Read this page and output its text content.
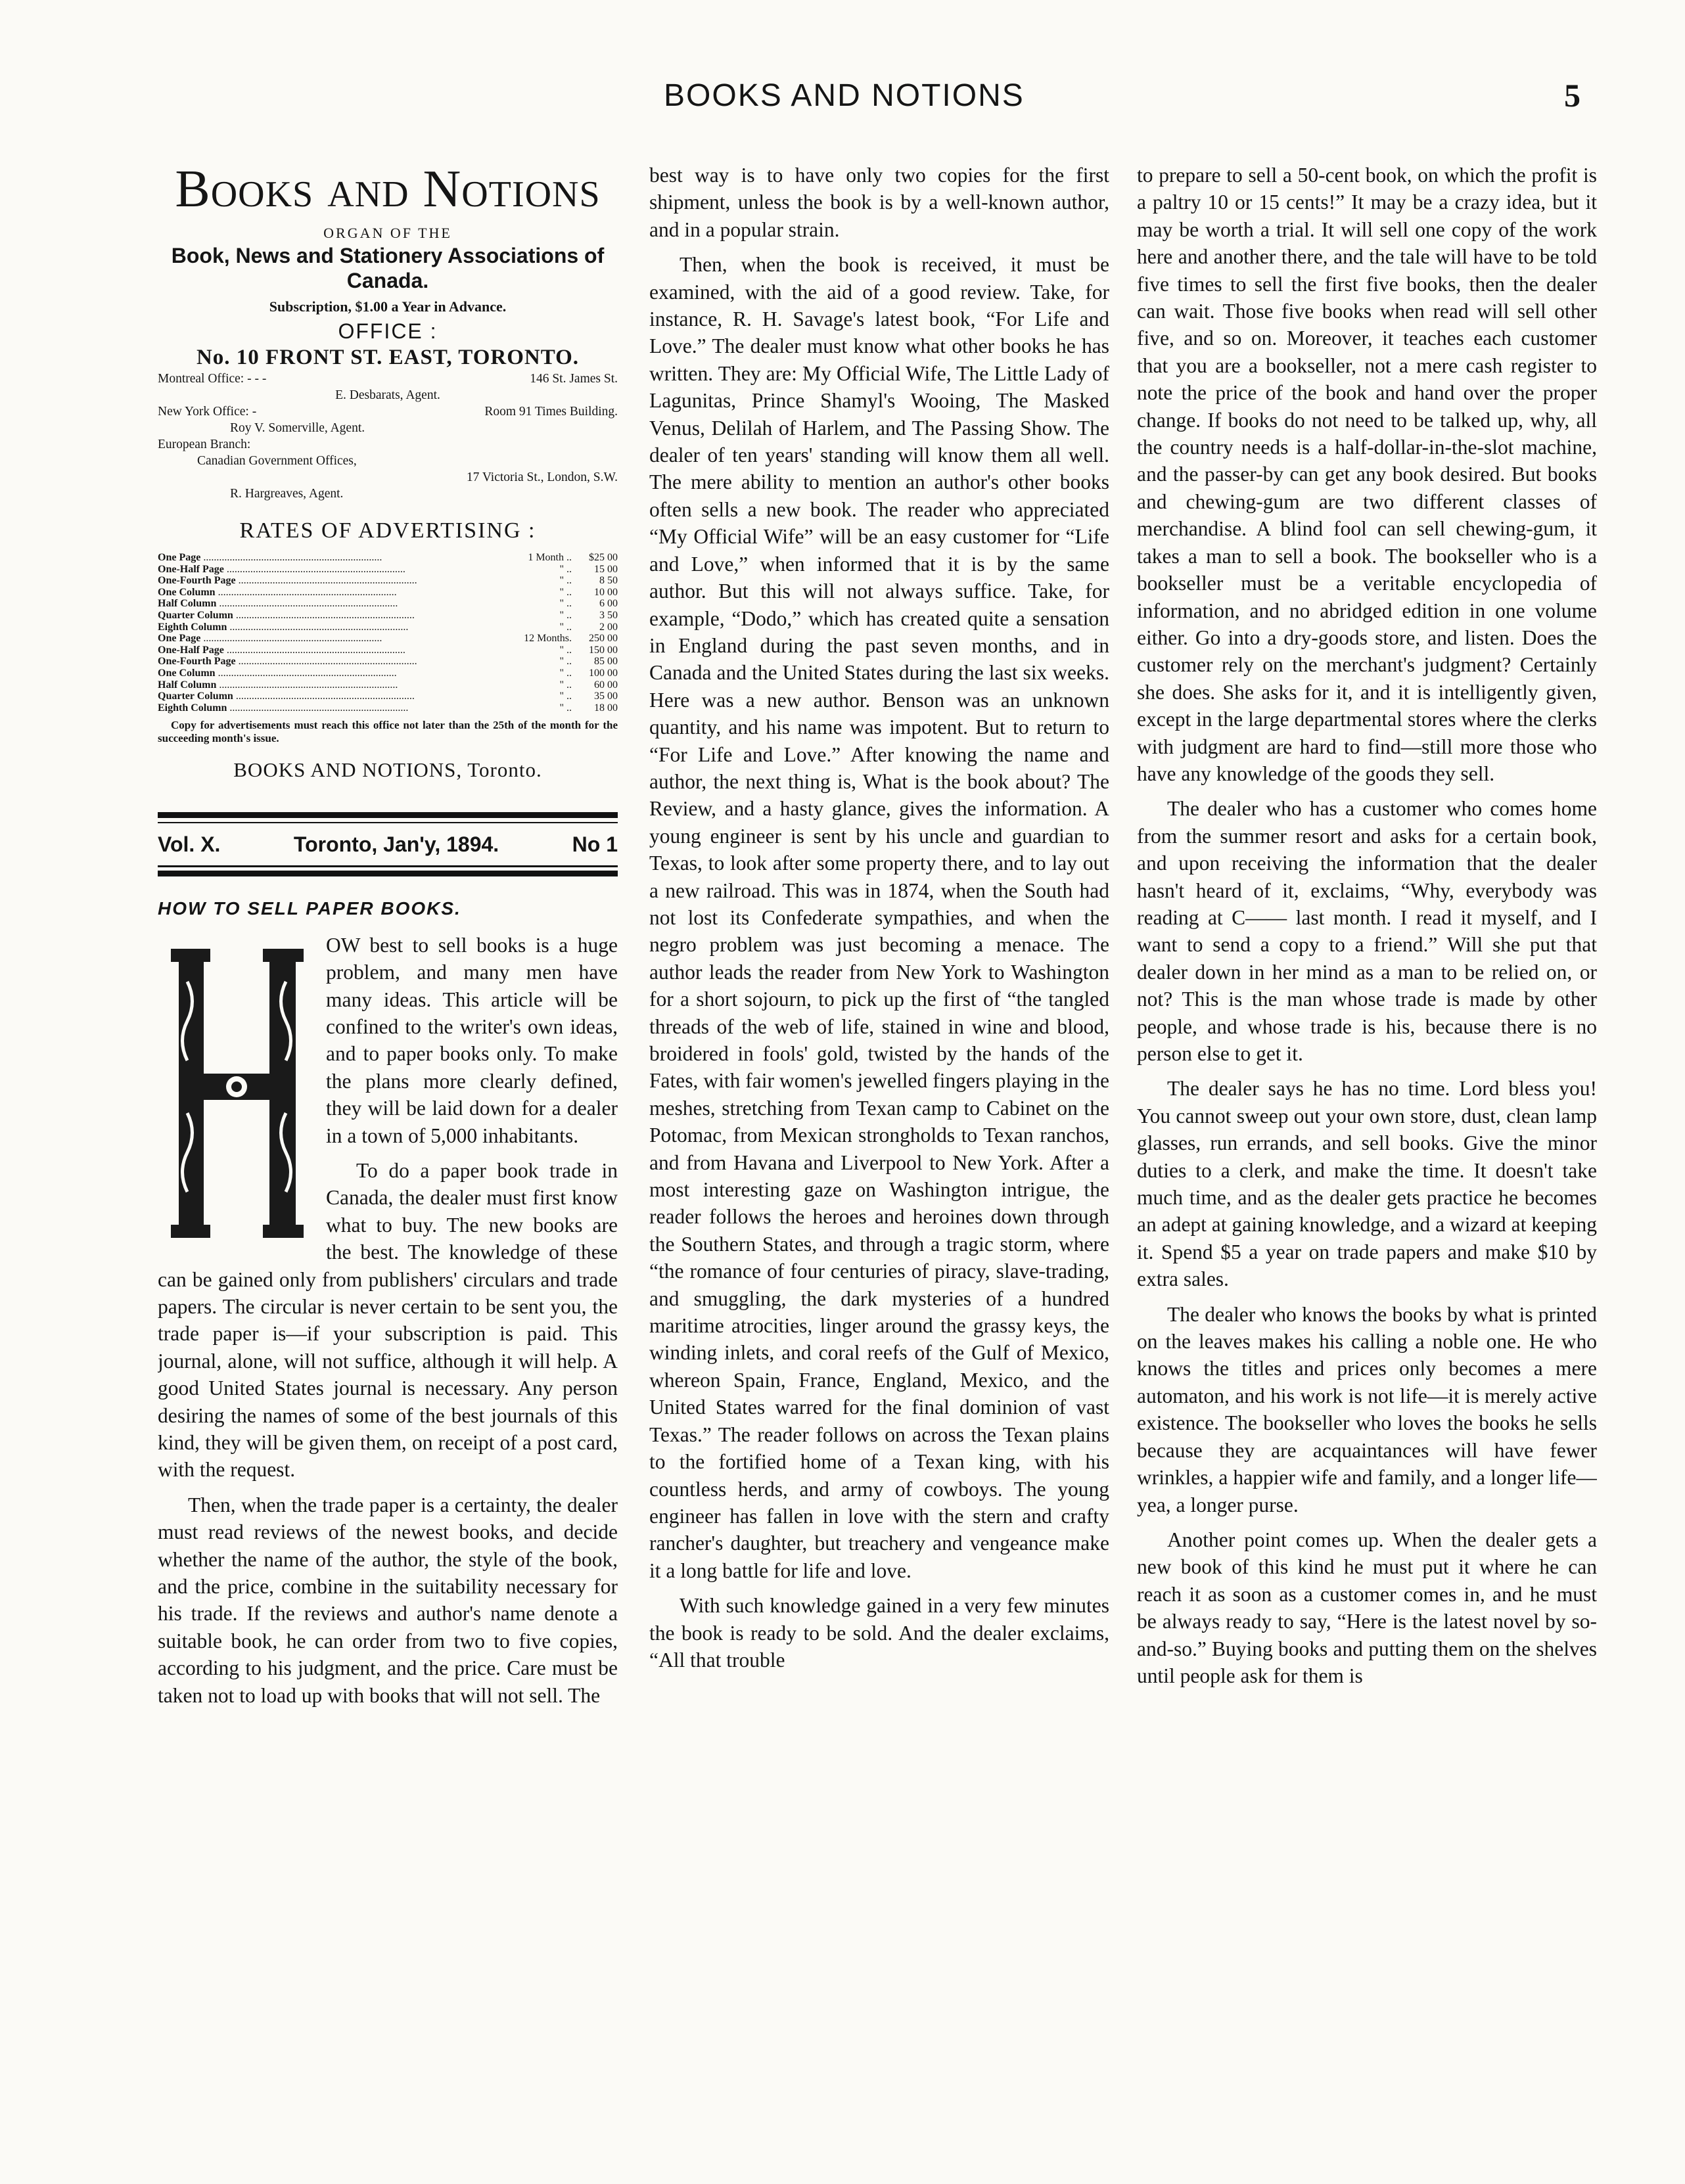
BOOKS AND NOTIONS	5
Books and Notions
ORGAN OF THE
Book, News and Stationery Associations of Canada.
Subscription, $1.00 a Year in Advance.
OFFICE :
No. 10 FRONT ST. EAST, TORONTO.
Montreal Office: - - -	146 St. James St.
E. Desbarats, Agent.
New York Office: -	Room 91 Times Building.
Roy V. Somerville, Agent.
European Branch:
Canadian Government Offices,
17 Victoria St., London, S.W.
R. Hargreaves, Agent.
RATES OF ADVERTISING :
One Page .....	1 Month ..	$25 00
One-Half Page .....	" ..	15 00
One-Fourth Page .....	" ..	8 50
One Column .....	" ..	10 00
Half Column .....	" ..	6 00
Quarter Column .....	" ..	3 50
Eighth Column .....	" ..	2 00
One Page .....	12 Months.	250 00
One-Half Page .....	" ..	150 00
One-Fourth Page .....	" ..	85 00
One Column .....	" ..	100 00
Half Column .....	" ..	60 00
Quarter Column .....	" ..	35 00
Eighth Column .....	" ..	18 00
Copy for advertisements must reach this office not later than the 25th of the month for the succeeding month's issue.
BOOKS AND NOTIONS, Toronto.
Vol. X.	Toronto, Jan'y, 1894.	No 1
HOW TO SELL PAPER BOOKS.

OW best to sell books is a huge problem, and many men have many ideas. This article will be confined to the writer's own ideas, and to paper books only. To make the plans more clearly defined, they will be laid down for a dealer in a town of 5,000 inhabitants.

To do a paper book trade in Canada, the dealer must first know what to buy. The new books are the best. The knowledge of these can be gained only from publishers' circulars and trade papers. The circular is never certain to be sent you, the trade paper is—if your subscription is paid. This journal, alone, will not suffice, although it will help. A good United States journal is necessary. Any person desiring the names of some of the best journals of this kind, they will be given them, on receipt of a post card, with the request.

Then, when the trade paper is a certainty, the dealer must read reviews of the newest books, and decide whether the name of the author, the style of the book, and the price, combine in the suitability necessary for his trade. If the reviews and author's name denote a suitable book, he can order from two to five copies, according to his judgment, and the price. Care must be taken not to load up with books that will not sell. The

best way is to have only two copies for the first shipment, unless the book is by a well-known author, and in a popular strain.

Then, when the book is received, it must be examined, with the aid of a good review. Take, for instance, R. H. Savage's latest book, “For Life and Love.” The dealer must know what other books he has written. They are: My Official Wife, The Little Lady of Lagunitas, Prince Shamyl's Wooing, The Masked Venus, Delilah of Harlem, and The Passing Show. The dealer of ten years' standing will know them all well. The mere ability to mention an author's other books often sells a new book. The reader who appreciated “My Official Wife” will be an easy customer for “Life and Love,” when informed that it is by the same author. But this will not always suffice. Take, for example, “Dodo,” which has created quite a sensation in England during the past seven months, and in Canada and the United States during the last six weeks. Here was a new author. Benson was an unknown quantity, and his name was impotent. But to return to “For Life and Love.” After knowing the name and author, the next thing is, What is the book about? The Review, and a hasty glance, gives the information. A young engineer is sent by his uncle and guardian to Texas, to look after some property there, and to lay out a new railroad. This was in 1874, when the South had not lost its Confederate sympathies, and when the negro problem was just becoming a menace. The author leads the reader from New York to Washington for a short sojourn, to pick up the first of “the tangled threads of the web of life, stained in wine and blood, broidered in fools' gold, twisted by the hands of the Fates, with fair women's jewelled fingers playing in the meshes, stretching from Texan camp to Cabinet on the Potomac, from Mexican strongholds to Texan ranchos, and from Havana and Liverpool to New York. After a most interesting gaze on Washington intrigue, the reader follows the heroes and heroines down through the Southern States, and through a tragic storm, where “the romance of four centuries of piracy, slave-trading, and smuggling, the dark mysteries of a hundred maritime atrocities, linger around the grassy keys, the winding inlets, and coral reefs of the Gulf of Mexico, whereon Spain, France, England, Mexico, and the United States warred for the final dominion of vast Texas.” The reader follows on across the Texan plains to the fortified home of a Texan king, with his countless herds, and army of cowboys. The young engineer has fallen in love with the stern and crafty rancher's daughter, but treachery and vengeance make it a long battle for life and love.

With such knowledge gained in a very few minutes the book is ready to be sold. And the dealer exclaims, “All that trouble

to prepare to sell a 50-cent book, on which the profit is a paltry 10 or 15 cents!” It may be a crazy idea, but it may be worth a trial. It will sell one copy of the work here and another there, and the tale will have to be told five times to sell the first five books, then the dealer can wait. Those five books when read will sell other five, and so on. Moreover, it teaches each customer that you are a bookseller, not a mere cash register to note the price of the book and hand over the proper change. If books do not need to be talked up, why, all the country needs is a half-dollar-in-the-slot machine, and the passer-by can get any book desired. But books and chewing-gum are two different classes of merchandise. A blind fool can sell chewing-gum, it takes a man to sell a book. The bookseller who is a bookseller must be a veritable encyclopedia of information, and no abridged edition in one volume either. Go into a dry-goods store, and listen. Does the customer rely on the merchant's judgment? Certainly she does. She asks for it, and it is intelligently given, except in the large departmental stores where the clerks with judgment are hard to find—still more those who have any knowledge of the goods they sell.

The dealer who has a customer who comes home from the summer resort and asks for a certain book, and upon receiving the information that the dealer hasn't heard of it, exclaims, “Why, everybody was reading at C—— last month. I read it myself, and I want to send a copy to a friend.” Will she put that dealer down in her mind as a man to be relied on, or not? This is the man whose trade is made by other people, and whose trade is his, because there is no person else to get it.

The dealer says he has no time. Lord bless you! You cannot sweep out your own store, dust, clean lamp glasses, run errands, and sell books. Give the minor duties to a clerk, and make the time. It doesn't take much time, and as the dealer gets practice he becomes an adept at gaining knowledge, and a wizard at keeping it. Spend $5 a year on trade papers and make $10 by extra sales.

The dealer who knows the books by what is printed on the leaves makes his calling a noble one. He who knows the titles and prices only becomes a mere automaton, and his work is not life—it is merely active existence. The bookseller who loves the books he sells because they are acquaintances will have fewer wrinkles, a happier wife and family, and a longer life—yea, a longer purse.

Another point comes up. When the dealer gets a new book of this kind he must put it where he can reach it as soon as a customer comes in, and he must be always ready to say, “Here is the latest novel by so-and-so.” Buying books and putting them on the shelves until people ask for them is
